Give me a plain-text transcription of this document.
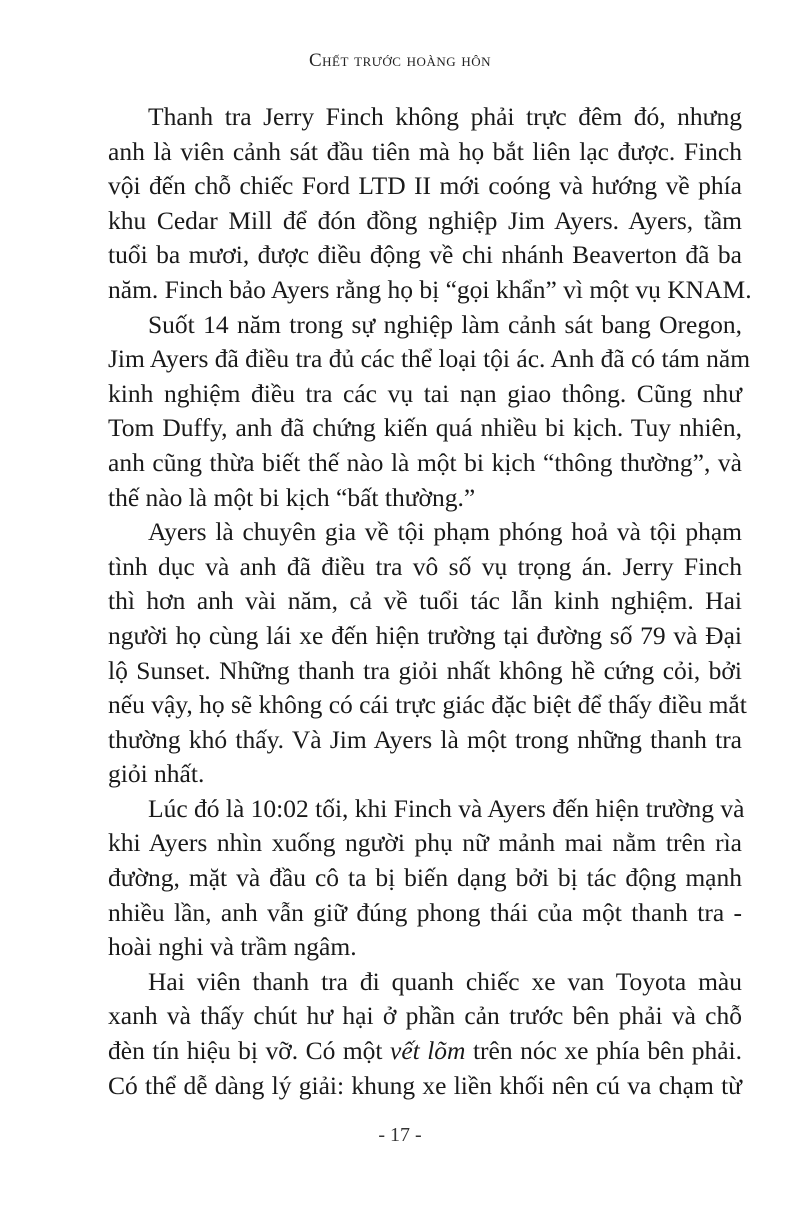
Chết trước hoàng hôn
Thanh tra Jerry Finch không phải trực đêm đó, nhưng
anh là viên cảnh sát đầu tiên mà họ bắt liên lạc được. Finch
vội đến chỗ chiếc Ford LTD II mới coóng và hướng về phía
khu Cedar Mill để đón đồng nghiệp Jim Ayers. Ayers, tầm
tuổi ba mươi, được điều động về chi nhánh Beaverton đã ba
năm. Finch bảo Ayers rằng họ bị “gọi khẩn” vì một vụ KNAM.
Suốt 14 năm trong sự nghiệp làm cảnh sát bang Oregon,
Jim Ayers đã điều tra đủ các thể loại tội ác. Anh đã có tám năm
kinh nghiệm điều tra các vụ tai nạn giao thông. Cũng như
Tom Duffy, anh đã chứng kiến quá nhiều bi kịch. Tuy nhiên,
anh cũng thừa biết thế nào là một bi kịch “thông thường”, và
thế nào là một bi kịch “bất thường.”
Ayers là chuyên gia về tội phạm phóng hoả và tội phạm
tình dục và anh đã điều tra vô số vụ trọng án. Jerry Finch
thì hơn anh vài năm, cả về tuổi tác lẫn kinh nghiệm. Hai
người họ cùng lái xe đến hiện trường tại đường số 79 và Đại
lộ Sunset. Những thanh tra giỏi nhất không hề cứng cỏi, bởi
nếu vậy, họ sẽ không có cái trực giác đặc biệt để thấy điều mắt
thường khó thấy. Và Jim Ayers là một trong những thanh tra
giỏi nhất.
Lúc đó là 10:02 tối, khi Finch và Ayers đến hiện trường và
khi Ayers nhìn xuống người phụ nữ mảnh mai nằm trên rìa
đường, mặt và đầu cô ta bị biến dạng bởi bị tác động mạnh
nhiều lần, anh vẫn giữ đúng phong thái của một thanh tra -
hoài nghi và trầm ngâm.
Hai viên thanh tra đi quanh chiếc xe van Toyota màu
xanh và thấy chút hư hại ở phần cản trước bên phải và chỗ
đèn tín hiệu bị vỡ. Có một vết lõm trên nóc xe phía bên phải.
Có thể dễ dàng lý giải: khung xe liền khối nên cú va chạm từ
- 17 -
